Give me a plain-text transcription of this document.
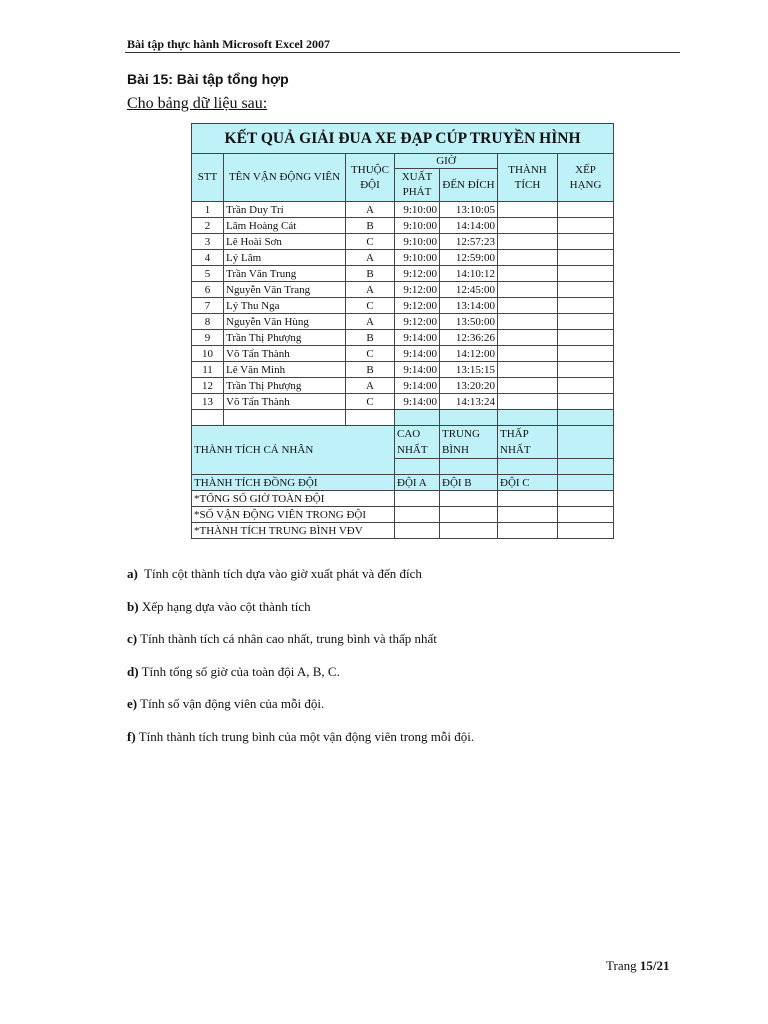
Bài tập thực hành Microsoft Excel 2007
Bài 15: Bài tập tổng hợp
Cho bảng dữ liệu sau:
KẾT QUẢ GIẢI ĐUA XE ĐẠP CÚP TRUYỀN HÌNH						
STT	TÊN VẬN ĐỘNG VIÊN	THUỘC ĐỘI	GIỜ		THÀNH TÍCH	XẾP HẠNG
			XUẤT PHÁT	ĐẾN ĐÍCH		

1	Trần Duy Trí	A	9:10:00	13:10:05		
2	Lâm Hoàng Cát	B	9:10:00	14:14:00		
3	Lê Hoài Sơn	C	9:10:00	12:57:23		
4	Lý Lâm	A	9:10:00	12:59:00		
5	Trần Văn Trung	B	9:12:00	14:10:12		
6	Nguyễn Văn Trang	A	9:12:00	12:45:00		
7	Lý Thu Nga	C	9:12:00	13:14:00		
8	Nguyễn Văn Hùng	A	9:12:00	13:50:00		
9	Trần Thị Phượng	B	9:14:00	12:36:26		
10	Võ Tấn Thành	C	9:14:00	14:12:00		
11	Lê Văn Minh	B	9:14:00	13:15:15		
12	Trần Thị Phượng	A	9:14:00	13:20:20		
13	Võ Tấn Thành	C	9:14:00	14:13:24		

THÀNH TÍCH CÁ NHÂN			CAO NHẤT	TRUNG BÌNH	THẤP NHẤT	

THÀNH TÍCH ĐỒNG ĐỘI			ĐỘI A	ĐỘI B	ĐỘI C	
*TỔNG SỐ GIỜ TOÀN ĐỘI						
*SỐ VẬN ĐỘNG VIÊN TRONG ĐỘI						
*THÀNH TÍCH TRUNG BÌNH VĐV						
a) Tính cột thành tích dựa vào giờ xuất phát và đến đích
b) Xếp hạng dựa vào cột thành tích
c) Tính thành tích cá nhân cao nhất, trung bình và thấp nhất
d) Tính tổng số giờ của toàn đội A, B, C.
e) Tính số vận động viên của mỗi đội.
f) Tính thành tích trung bình của một vận động viên trong mỗi đội.
Trang 15/21
